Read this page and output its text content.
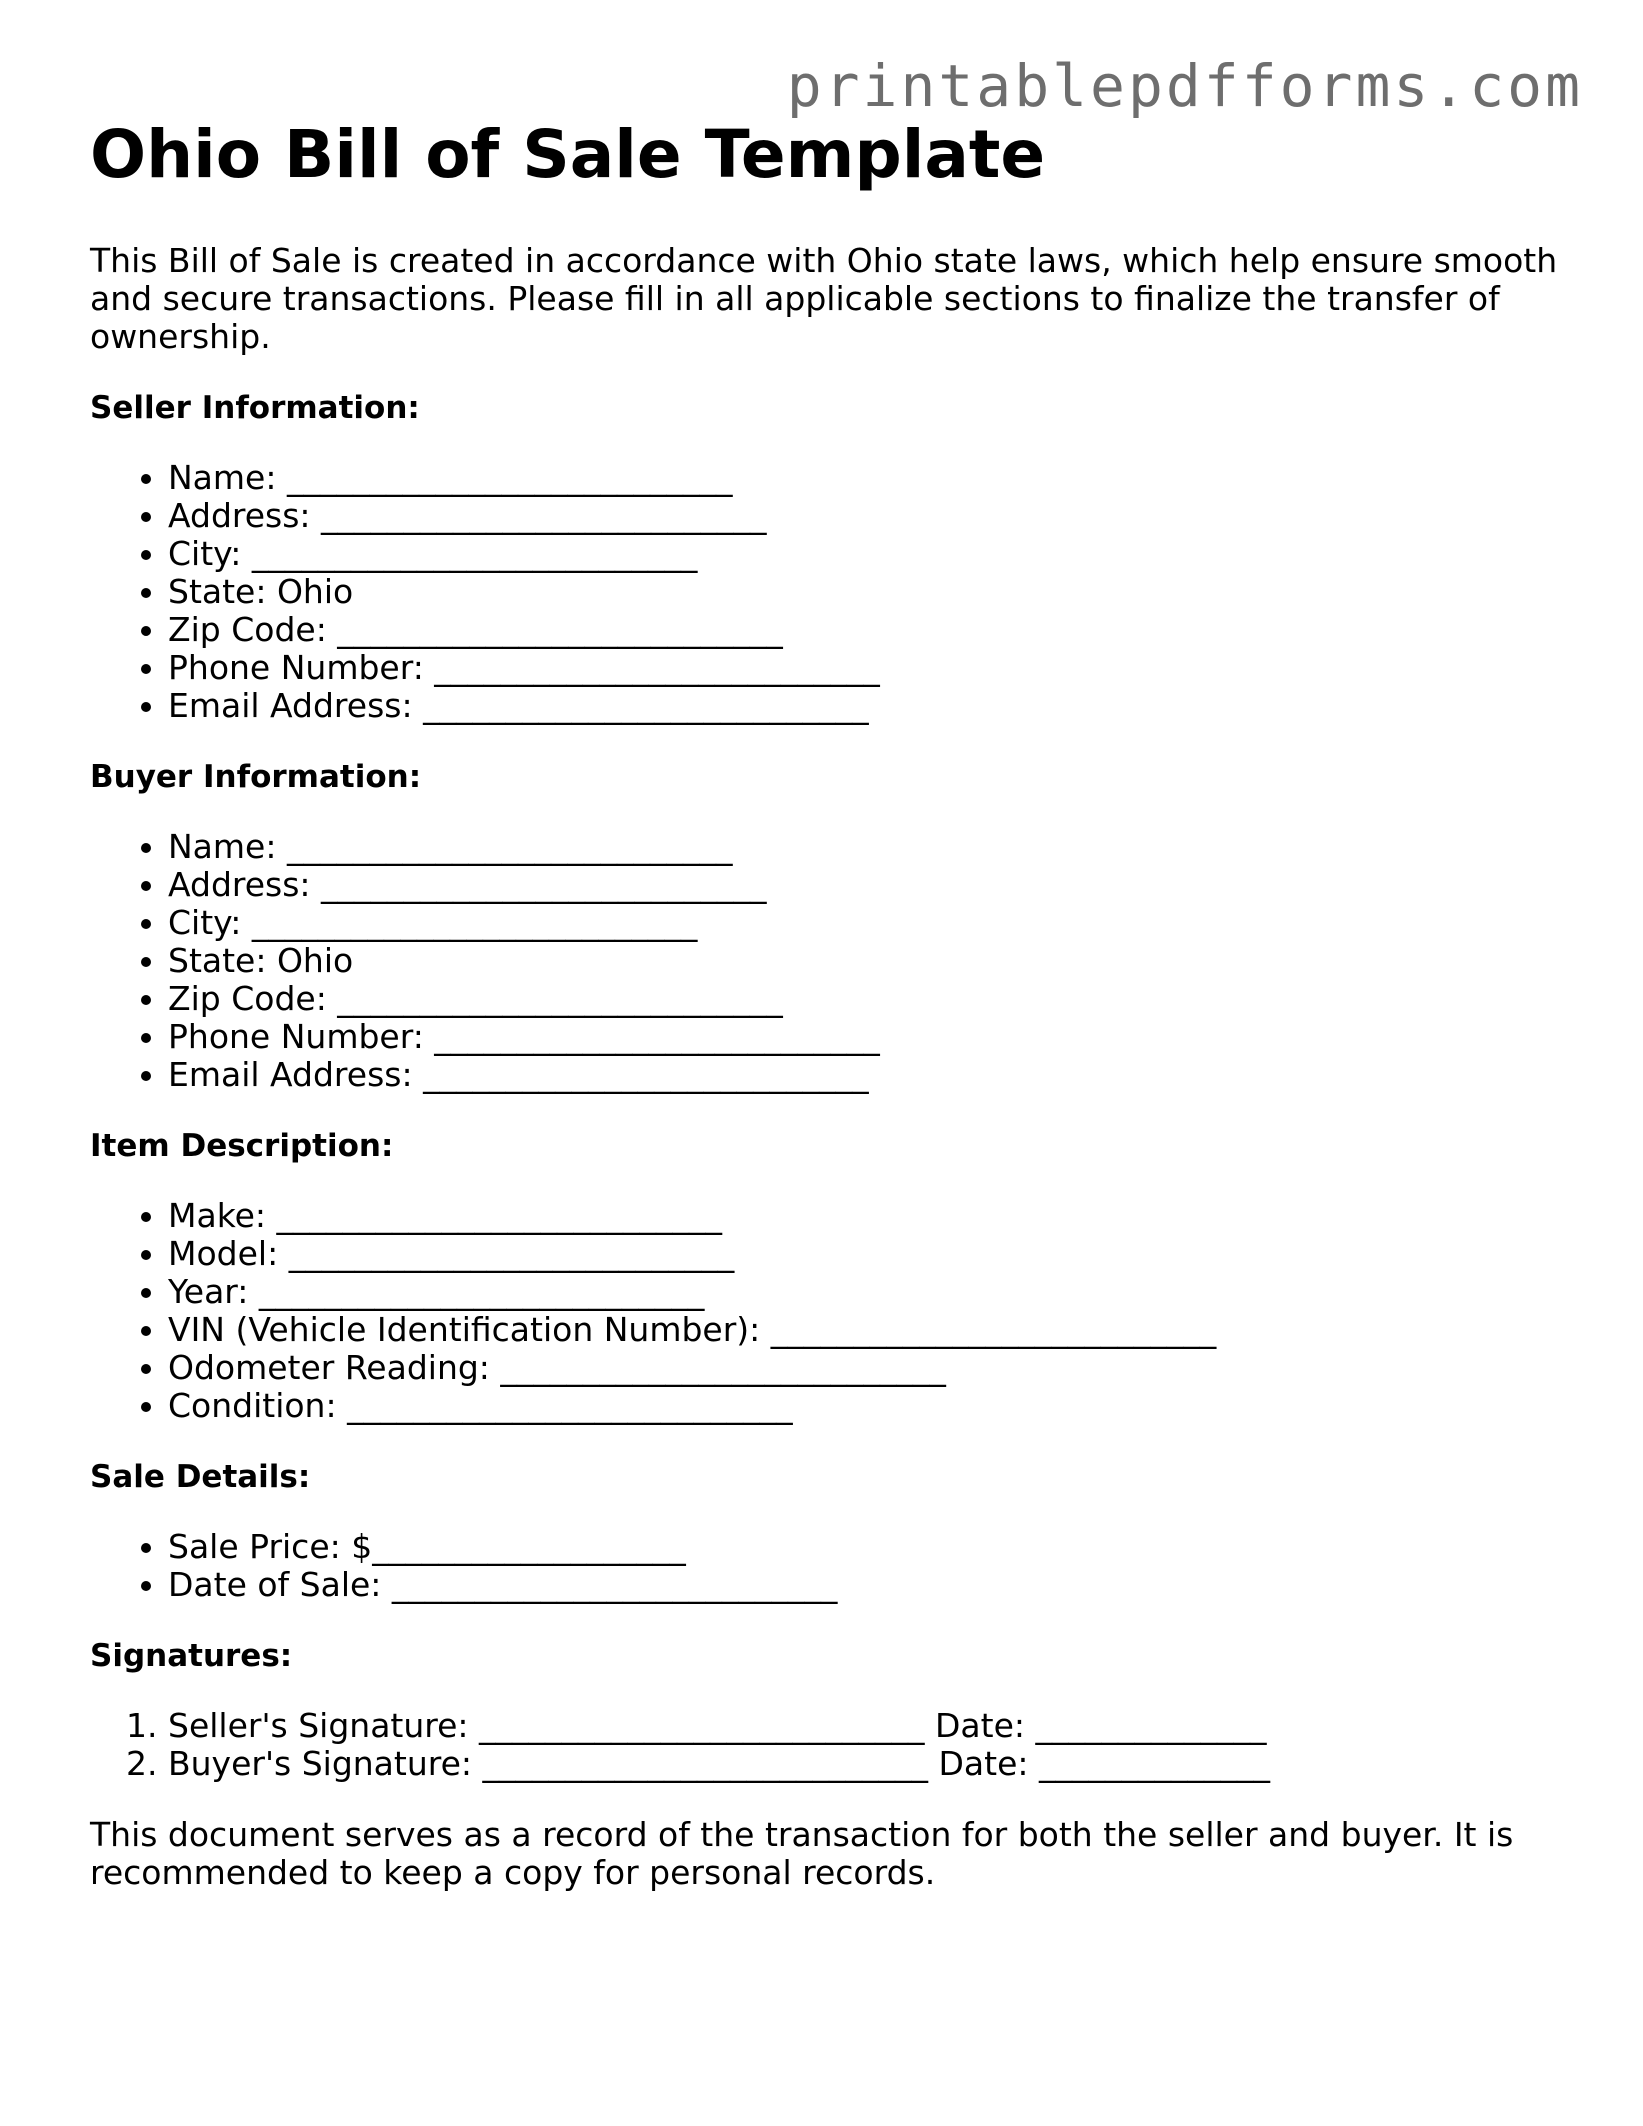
printablepdfforms.com
Ohio Bill of Sale Template

This Bill of Sale is created in accordance with Ohio state laws, which help ensure smooth and secure transactions. Please fill in all applicable sections to finalize the transfer of ownership.

Seller Information:
• Name: ___________________________
• Address: ___________________________
• City: ___________________________
• State: Ohio
• Zip Code: ___________________________
• Phone Number: ___________________________
• Email Address: ___________________________
Buyer Information:
• Name: ___________________________
• Address: ___________________________
• City: ___________________________
• State: Ohio
• Zip Code: ___________________________
• Phone Number: ___________________________
• Email Address: ___________________________
Item Description:
• Make: ___________________________
• Model: ___________________________
• Year: ___________________________
• VIN (Vehicle Identification Number): ___________________________
• Odometer Reading: ___________________________
• Condition: ___________________________
Sale Details:
• Sale Price: $___________________
• Date of Sale: ___________________________
Signatures:
1. Seller's Signature: ___________________________ Date: ______________
2. Buyer's Signature: ___________________________ Date: ______________

This document serves as a record of the transaction for both the seller and buyer. It is recommended to keep a copy for personal records.
